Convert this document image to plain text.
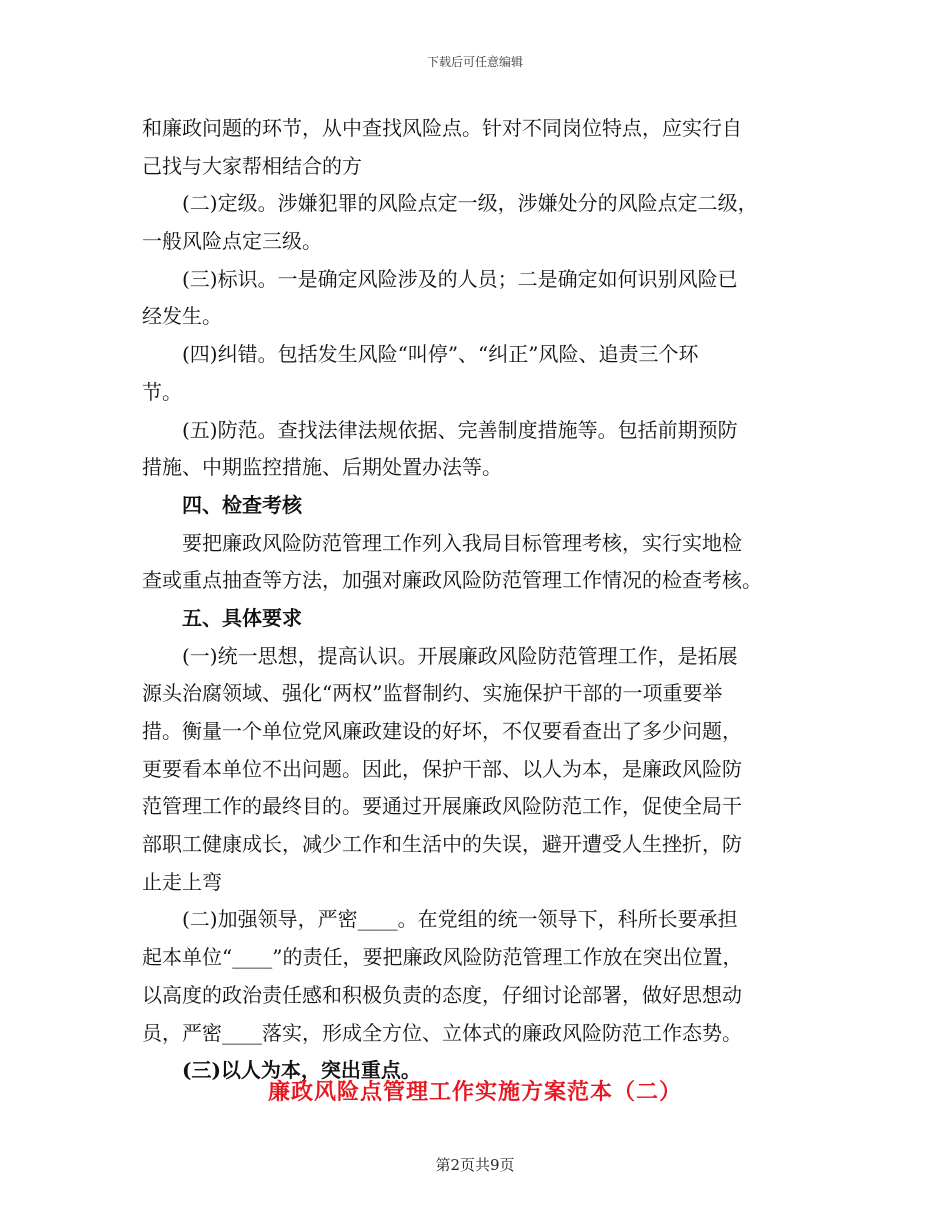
下载后可任意编辑
和廉政问题的环节，从中查找风险点。针对不同岗位特点，应实行自
己找与大家帮相结合的方
(二)定级。涉嫌犯罪的风险点定一级，涉嫌处分的风险点定二级，
一般风险点定三级。
(三)标识。一是确定风险涉及的人员；二是确定如何识别风险已
经发生。
(四)纠错。包括发生风险“叫停”、“纠正”风险、追责三个环
节。
(五)防范。查找法律法规依据、完善制度措施等。包括前期预防
措施、中期监控措施、后期处置办法等。
四、检查考核
要把廉政风险防范管理工作列入我局目标管理考核，实行实地检
查或重点抽查等方法，加强对廉政风险防范管理工作情况的检查考核。
五、具体要求
(一)统一思想，提高认识。开展廉政风险防范管理工作，是拓展
源头治腐领域、强化“两权”监督制约、实施保护干部的一项重要举
措。衡量一个单位党风廉政建设的好坏，不仅要看查出了多少问题，
更要看本单位不出问题。因此，保护干部、以人为本，是廉政风险防
范管理工作的最终目的。要通过开展廉政风险防范工作，促使全局干
部职工健康成长，减少工作和生活中的失误，避开遭受人生挫折，防
止走上弯
(二)加强领导，严密____。在党组的统一领导下，科所长要承担
起本单位“____”的责任，要把廉政风险防范管理工作放在突出位置，
以高度的政治责任感和积极负责的态度，仔细讨论部署，做好思想动
员，严密____落实，形成全方位、立体式的廉政风险防范工作态势。
(三)以人为本，突出重点。
廉政风险点管理工作实施方案范本（二）
第2页共9页
